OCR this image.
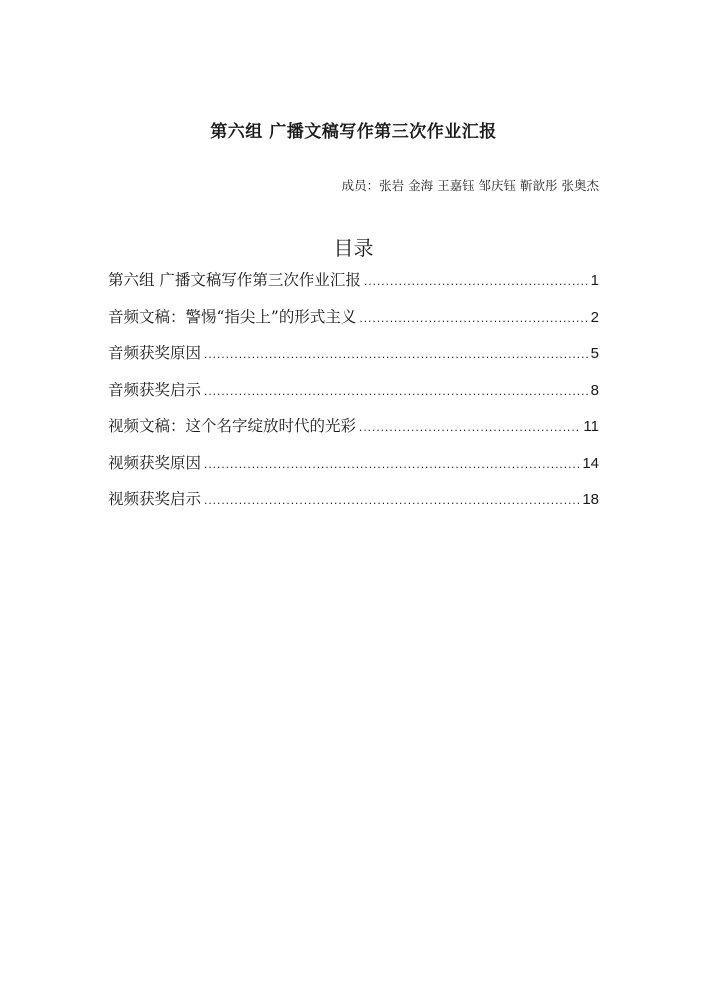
第六组 广播文稿写作第三次作业汇报
成员：张岩 金海 王嘉钰 邹庆钰 靳歆彤 张奥杰
目录
第六组 广播文稿写作第三次作业汇报 .....	1
音频文稿：警惕“指尖上”的形式主义 .....	2
音频获奖原因 .....	5
音频获奖启示 .....	8
视频文稿：这个名字绽放时代的光彩 .....	11
视频获奖原因 .....	14
视频获奖启示 .....	18
